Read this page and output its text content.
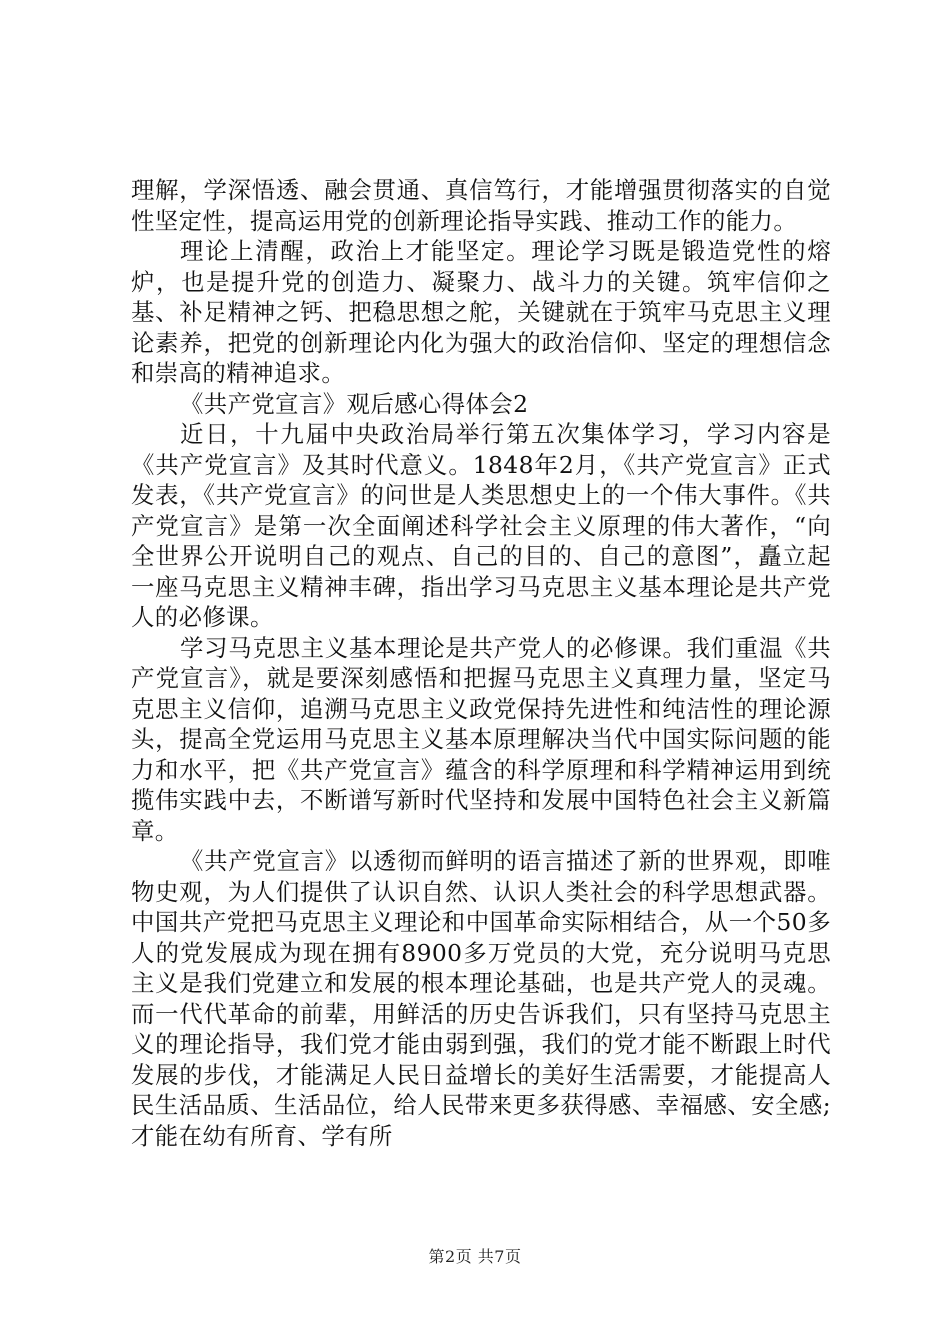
理解，学深悟透、融会贯通、真信笃行，才能增强贯彻落实的自觉性坚定性，提高运用党的创新理论指导实践、推动工作的能力。

理论上清醒，政治上才能坚定。理论学习既是锻造党性的熔炉，也是提升党的创造力、凝聚力、战斗力的关键。筑牢信仰之基、补足精神之钙、把稳思想之舵，关键就在于筑牢马克思主义理论素养，把党的创新理论内化为强大的政治信仰、坚定的理想信念和崇高的精神追求。

《共产党宣言》观后感心得体会2

近日，十九届中央政治局举行第五次集体学习，学习内容是《共产党宣言》及其时代意义。1848年2月，《共产党宣言》正式发表，《共产党宣言》的问世是人类思想史上的一个伟大事件。《共产党宣言》是第一次全面阐述科学社会主义原理的伟大著作，“向全世界公开说明自己的观点、自己的目的、自己的意图”，矗立起一座马克思主义精神丰碑，指出学习马克思主义基本理论是共产党人的必修课。

学习马克思主义基本理论是共产党人的必修课。我们重温《共产党宣言》，就是要深刻感悟和把握马克思主义真理力量，坚定马克思主义信仰，追溯马克思主义政党保持先进性和纯洁性的理论源头，提高全党运用马克思主义基本原理解决当代中国实际问题的能力和水平，把《共产党宣言》蕴含的科学原理和科学精神运用到统揽伟实践中去，不断谱写新时代坚持和发展中国特色社会主义新篇章。

《共产党宣言》以透彻而鲜明的语言描述了新的世界观，即唯物史观，为人们提供了认识自然、认识人类社会的科学思想武器。中国共产党把马克思主义理论和中国革命实际相结合，从一个50多人的党发展成为现在拥有8900多万党员的大党，充分说明马克思主义是我们党建立和发展的根本理论基础，也是共产党人的灵魂。而一代代革命的前辈，用鲜活的历史告诉我们，只有坚持马克思主义的理论指导，我们党才能由弱到强，我们的党才能不断跟上时代发展的步伐，才能满足人民日益增长的美好生活需要，才能提高人民生活品质、生活品位，给人民带来更多获得感、幸福感、安全感;才能在幼有所育、学有所

第2页 共7页
